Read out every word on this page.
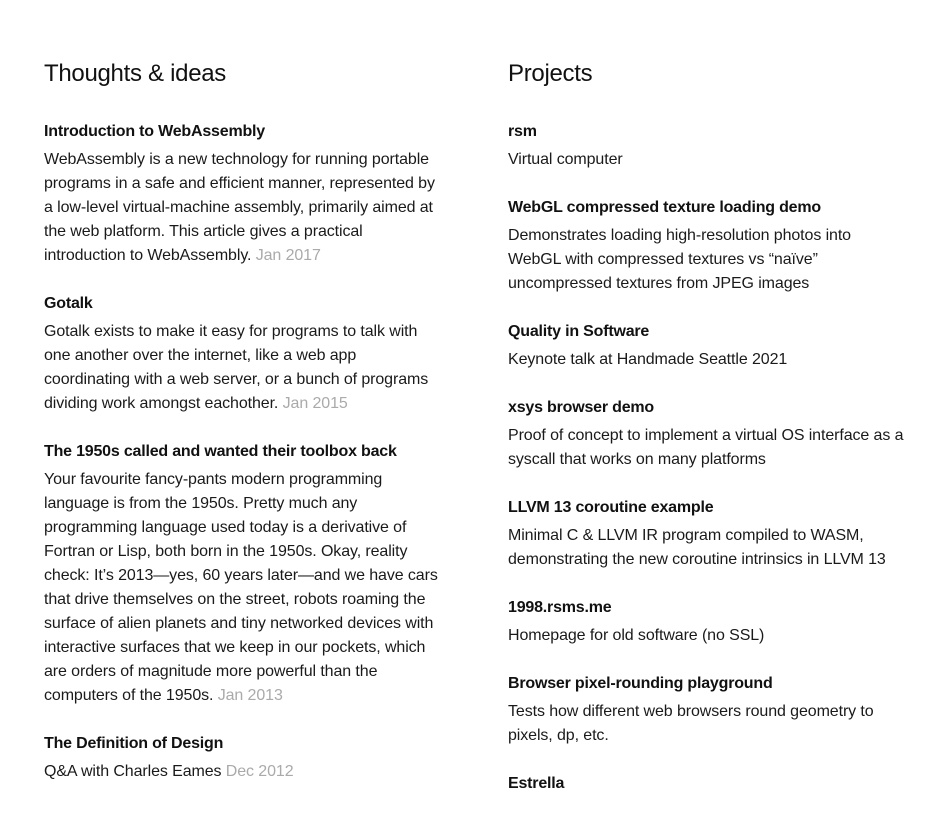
Thoughts & ideas
Introduction to WebAssembly
WebAssembly is a new technology for running portable programs in a safe and efficient manner, represented by a low-level virtual-machine assembly, primarily aimed at the web platform. This article gives a practical introduction to WebAssembly. Jan 2017
Gotalk
Gotalk exists to make it easy for programs to talk with one another over the internet, like a web app coordinating with a web server, or a bunch of programs dividing work amongst eachother. Jan 2015
The 1950s called and wanted their toolbox back
Your favourite fancy-pants modern programming language is from the 1950s. Pretty much any programming language used today is a derivative of Fortran or Lisp, both born in the 1950s. Okay, reality check: It’s 2013—yes, 60 years later—and we have cars that drive themselves on the street, robots roaming the surface of alien planets and tiny networked devices with interactive surfaces that we keep in our pockets, which are orders of magnitude more powerful than the computers of the 1950s. Jan 2013
The Definition of Design
Q&A with Charles Eames Dec 2012
Projects
rsm
Virtual computer
WebGL compressed texture loading demo
Demonstrates loading high-resolution photos into WebGL with compressed textures vs “naïve” uncompressed textures from JPEG images
Quality in Software
Keynote talk at Handmade Seattle 2021
xsys browser demo
Proof of concept to implement a virtual OS interface as a syscall that works on many platforms
LLVM 13 coroutine example
Minimal C & LLVM IR program compiled to WASM, demonstrating the new coroutine intrinsics in LLVM 13
1998.rsms.me
Homepage for old software (no SSL)
Browser pixel-rounding playground
Tests how different web browsers round geometry to pixels, dp, etc.
Estrella
